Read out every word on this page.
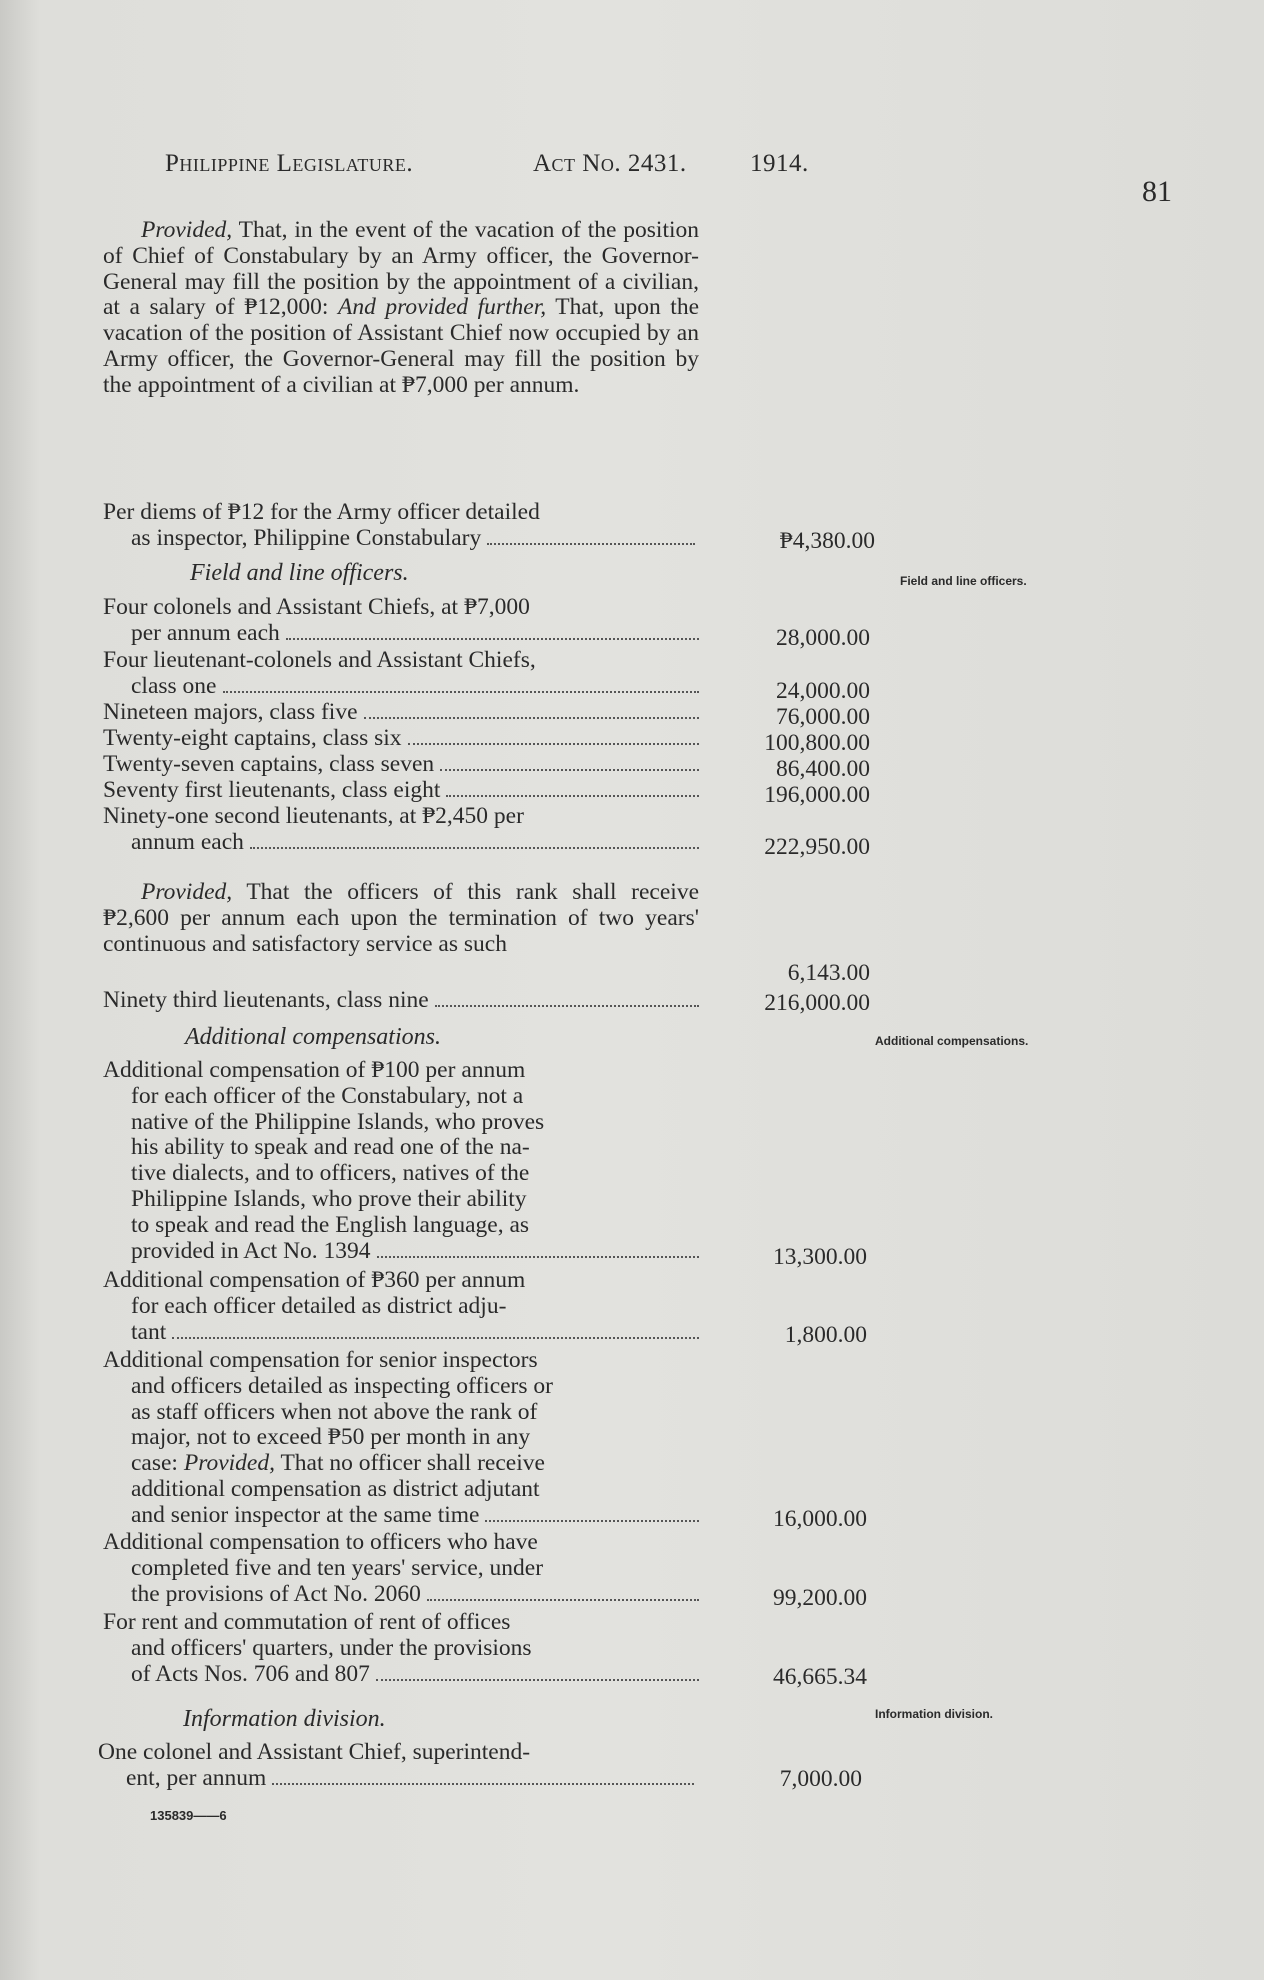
Philippine Legislature.	Act No. 2431.	1914.
81
Provided, That, in the event of the vacation of the position of Chief of Constabulary by an Army officer, the Governor-General may fill the position by the appointment of a civilian, at a salary of ₱12,000: And provided further, That, upon the vacation of the position of Assistant Chief now occupied by an Army officer, the Governor-General may fill the position by the appointment of a civilian at ₱7,000 per annum.
Per diems of ₱12 for the Army officer detailed
as inspector, Philippine Constabulary	₱4,380.00
Field and line officers.	Field and line officers.
Four colonels and Assistant Chiefs, at ₱7,000
per annum each	28,000.00
Four lieutenant-colonels and Assistant Chiefs,
class one	24,000.00
Nineteen majors, class five	76,000.00
Twenty-eight captains, class six	100,800.00
Twenty-seven captains, class seven	86,400.00
Seventy first lieutenants, class eight	196,000.00
Ninety-one second lieutenants, at ₱2,450 per
annum each	222,950.00
Provided, That the officers of this rank shall receive ₱2,600 per annum each upon the termination of two years' continuous and satisfactory service as such
6,143.00
Ninety third lieutenants, class nine	216,000.00
Additional compensations.	Additional compensations.
Additional compensation of ₱100 per annum
for each officer of the Constabulary, not a
native of the Philippine Islands, who proves
his ability to speak and read one of the na-
tive dialects, and to officers, natives of the
Philippine Islands, who prove their ability
to speak and read the English language, as
provided in Act No. 1394	13,300.00
Additional compensation of ₱360 per annum
for each officer detailed as district adju-
tant	1,800.00
Additional compensation for senior inspectors
and officers detailed as inspecting officers or
as staff officers when not above the rank of
major, not to exceed ₱50 per month in any
case: Provided, That no officer shall receive
additional compensation as district adjutant
and senior inspector at the same time	16,000.00
Additional compensation to officers who have
completed five and ten years' service, under
the provisions of Act No. 2060	99,200.00
For rent and commutation of rent of offices
and officers' quarters, under the provisions
of Acts Nos. 706 and 807	46,665.34
Information division.	Information division.
One colonel and Assistant Chief, superintend-
ent, per annum	7,000.00
135839——6
